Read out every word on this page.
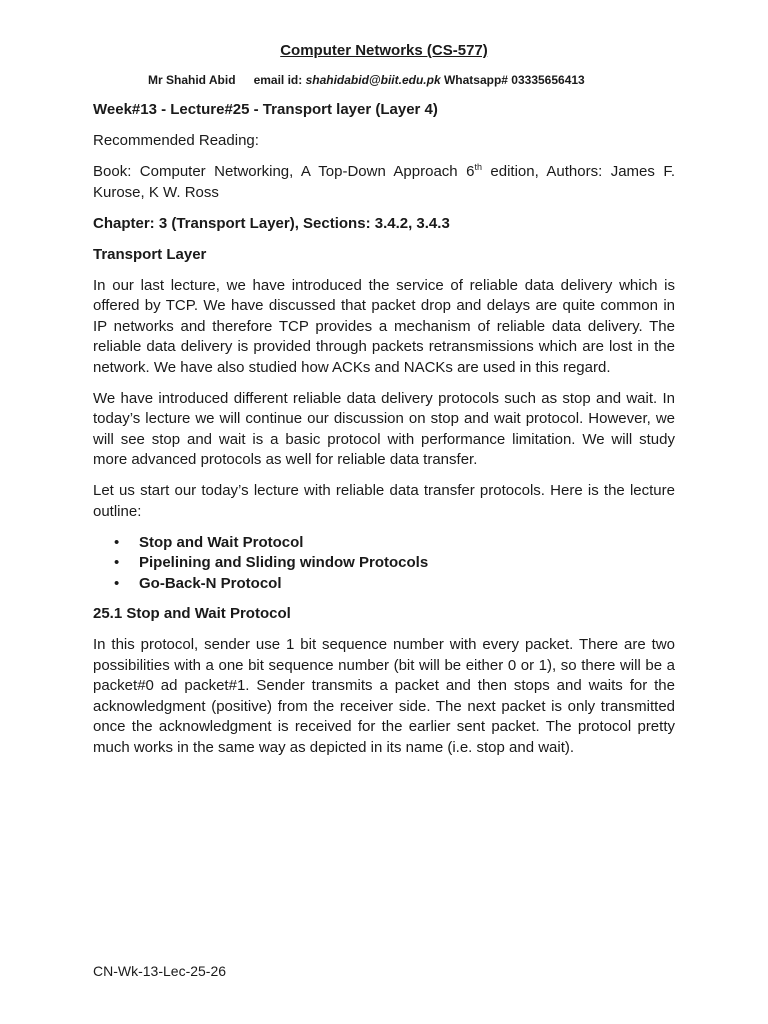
Computer Networks (CS-577)
Mr Shahid Abid email id: shahidabid@biit.edu.pk Whatsapp# 03335656413

Week#13 - Lecture#25 - Transport layer (Layer 4)

Recommended Reading:

Book: Computer Networking, A Top-Down Approach 6th edition, Authors: James F. Kurose, K W. Ross

Chapter: 3 (Transport Layer), Sections: 3.4.2, 3.4.3

Transport Layer

In our last lecture, we have introduced the service of reliable data delivery which is offered by TCP. We have discussed that packet drop and delays are quite common in IP networks and therefore TCP provides a mechanism of reliable data delivery. The reliable data delivery is provided through packets retransmissions which are lost in the network. We have also studied how ACKs and NACKs are used in this regard.

We have introduced different reliable data delivery protocols such as stop and wait. In today’s lecture we will continue our discussion on stop and wait protocol. However, we will see stop and wait is a basic protocol with performance limitation. We will study more advanced protocols as well for reliable data transfer.

Let us start our today’s lecture with reliable data transfer protocols. Here is the lecture outline:

• Stop and Wait Protocol
• Pipelining and Sliding window Protocols
• Go-Back-N Protocol

25.1 Stop and Wait Protocol

In this protocol, sender use 1 bit sequence number with every packet. There are two possibilities with a one bit sequence number (bit will be either 0 or 1), so there will be a packet#0 ad packet#1. Sender transmits a packet and then stops and waits for the acknowledgment (positive) from the receiver side. The next packet is only transmitted once the acknowledgment is received for the earlier sent packet. The protocol pretty much works in the same way as depicted in its name (i.e. stop and wait).

CN-Wk-13-Lec-25-26
